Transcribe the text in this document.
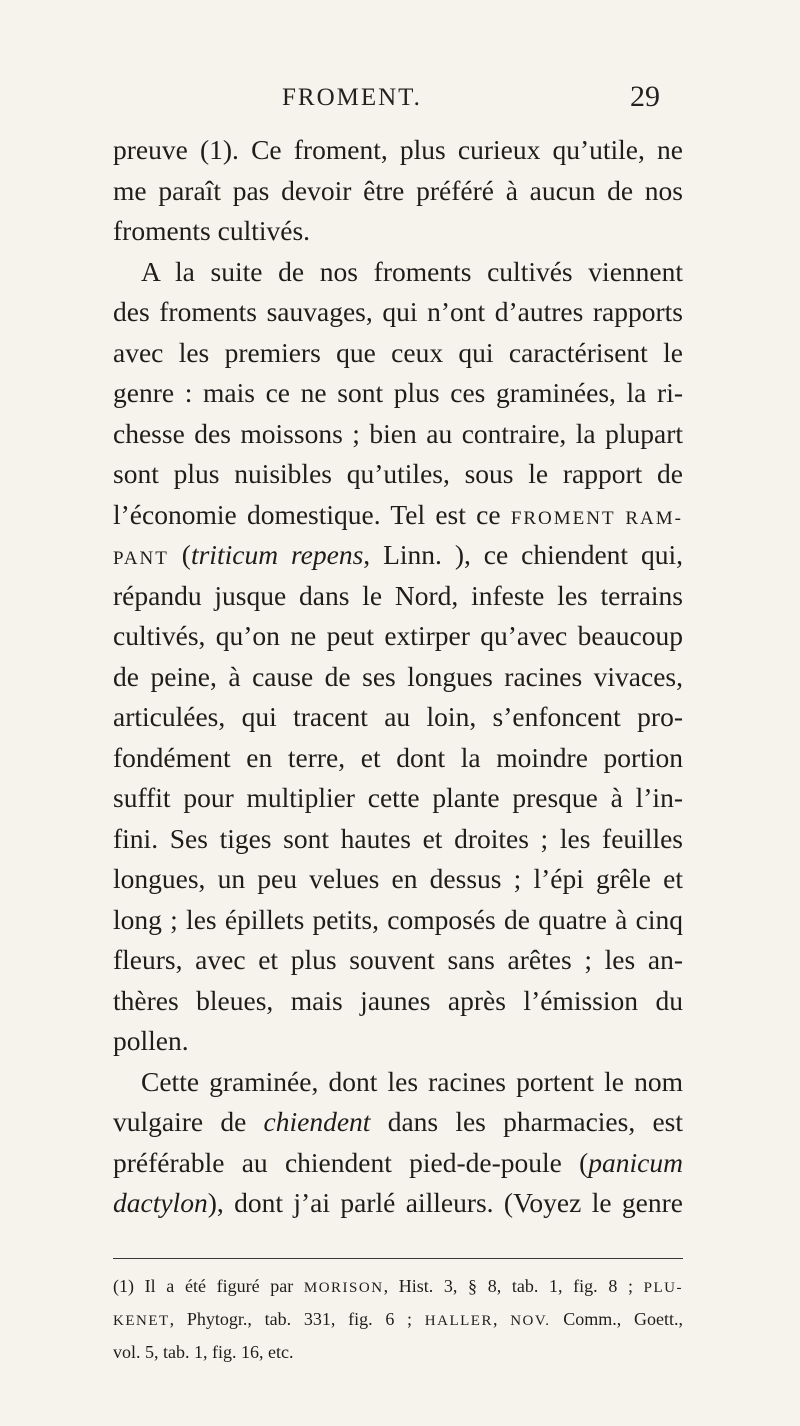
FROMENT.	29
preuve (1). Ce froment, plus curieux qu’utile, ne
me paraît pas devoir être préféré à aucun de nos
froments cultivés.
A la suite de nos froments cultivés viennent
des froments sauvages, qui n’ont d’autres rapports
avec les premiers que ceux qui caractérisent le
genre : mais ce ne sont plus ces graminées, la ri-
chesse des moissons ; bien au contraire, la plupart
sont plus nuisibles qu’utiles, sous le rapport de
l’économie domestique. Tel est ce FROMENT RAM-
PANT (triticum repens, Linn. ), ce chiendent qui,
répandu jusque dans le Nord, infeste les terrains
cultivés, qu’on ne peut extirper qu’avec beaucoup
de peine, à cause de ses longues racines vivaces,
articulées, qui tracent au loin, s’enfoncent pro-
fondément en terre, et dont la moindre portion
suffit pour multiplier cette plante presque à l’in-
fini. Ses tiges sont hautes et droites ; les feuilles
longues, un peu velues en dessus ; l’épi grêle et
long ; les épillets petits, composés de quatre à cinq
fleurs, avec et plus souvent sans arêtes ; les an-
thères bleues, mais jaunes après l’émission du
pollen.
Cette graminée, dont les racines portent le nom
vulgaire de chiendent dans les pharmacies, est
préférable au chiendent pied-de-poule (panicum
dactylon), dont j’ai parlé ailleurs. (Voyez le genre
(1) Il a été figuré par MORISON, Hist. 3, § 8, tab. 1, fig. 8 ; PLU-
KENET, Phytogr., tab. 331, fig. 6 ; HALLER, NOV. Comm., Goett.,
vol. 5, tab. 1, fig. 16, etc.
